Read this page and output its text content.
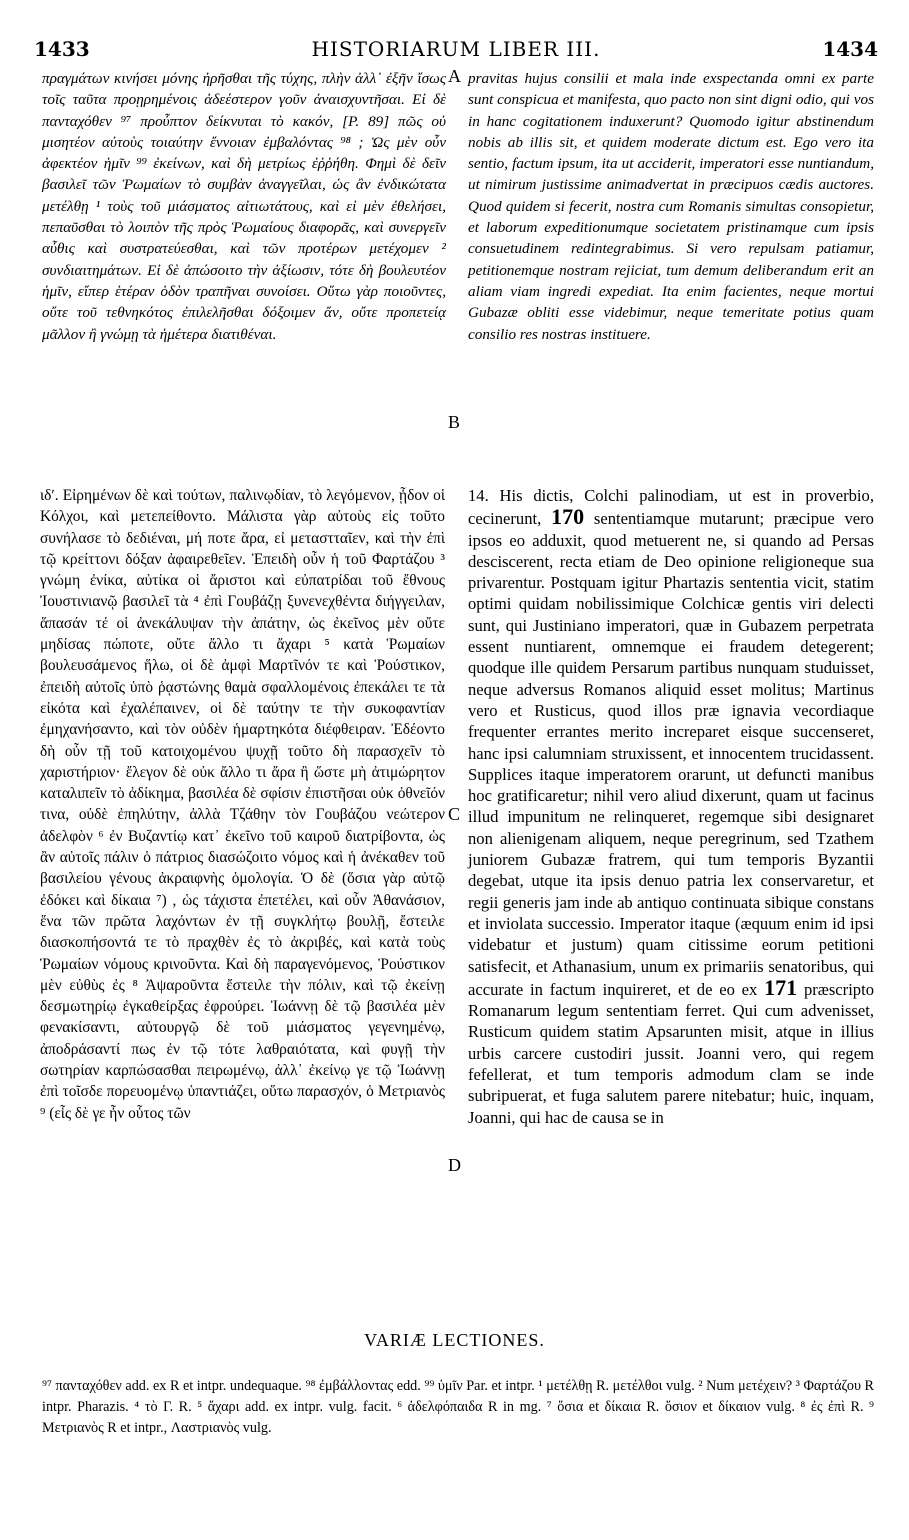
1433	HISTORIARUM LIBER III.	1434

πραγμάτων κινήσει μόνης ἠρῆσθαι τῆς τύχης, πλὴν ἀλλ᾽ ἐξῆν ἴσως τοῖς ταῦτα προῃρημένοις ἀδεέστερον γοῦν ἀναισχυντῆσαι. Εἰ δὲ πανταχόθεν ⁹⁷ προὖπτον δείκνυται τὸ κακόν, [P. 89] πῶς οὐ μισητέον αὐτοὺς τοιαύτην ἔννοιαν ἐμβαλόντας ⁹⁸ ; Ὡς μὲν οὖν ἀφεκτέον ἡμῖν ⁹⁹ ἐκείνων, καὶ δὴ μετρίως ἐῤῥήθη. Φημὶ δὲ δεῖν βασιλεῖ τῶν Ῥωμαίων τὸ συμβὰν ἀναγγεῖλαι, ὡς ἂν ἐνδικώτατα μετέλθῃ ¹ τοὺς τοῦ μιάσματος αἰτιωτάτους, καὶ εἰ μὲν ἐθελήσει, πεπαῦσθαι τὸ λοιπὸν τῆς πρὸς Ῥωμαίους διαφορᾶς, καὶ συνεργεῖν αὖθις καὶ συστρατεύεσθαι, καὶ τῶν προτέρων μετέχομεν ² συνδιαιτημάτων. Εἰ δὲ ἀπώσοιτο τὴν ἀξίωσιν, τότε δὴ βουλευτέον ἡμῖν, εἴπερ ἑτέραν ὁδὸν τραπῆναι συνοίσει. Οὕτω γὰρ ποιοῦντες, οὔτε τοῦ τεθνηκότος ἐπιλελῆσθαι δόξοιμεν ἄν, οὔτε προπετείᾳ μᾶλλον ἢ γνώμῃ τὰ ἡμέτερα διατιθέναι.

pravitas hujus consilii et mala inde exspectanda omni ex parte sunt conspicua et manifesta, quo pacto non sint digni odio, qui vos in hanc cogitationem induxerunt? Quomodo igitur abstinendum nobis ab illis sit, et quidem moderate dictum est. Ego vero ita sentio, factum ipsum, ita ut acciderit, imperatori esse nuntiandum, ut nimirum justissime animadvertat in præcipuos cædis auctores. Quod quidem si fecerit, nostra cum Romanis simultas consopietur, et laborum expeditionumque societatem pristinamque cum ipsis consuetudinem redintegrabimus. Si vero repulsam patiamur, petitionemque nostram rejiciat, tum demum deliberandum erit an aliam viam ingredi expediat. Ita enim facientes, neque mortui Gubazæ obliti esse videbimur, neque temeritate potius quam consilio res nostras instituere.

A
B
C
D

ιδʹ. Εἰρημένων δὲ καὶ τούτων, παλινῳδίαν, τὸ λεγόμενον, ᾖδον οἱ Κόλχοι, καὶ μετεπείθοντο. Μάλιστα γὰρ αὐτοὺς εἰς τοῦτο συνήλασε τὸ δεδιέναι, μή ποτε ἄρα, εἰ μεταστταῖεν, καὶ τὴν ἐπὶ τῷ κρείττονι δόξαν ἀφαιρεθεῖεν. Ἐπειδὴ οὖν ἡ τοῦ Φαρτάζου ³ γνώμη ἐνίκα, αὐτίκα οἱ ἄριστοι καὶ εὐπατρίδαι τοῦ ἔθνους Ἰουστινιανῷ βασιλεῖ τὰ ⁴ ἐπὶ Γουβάζῃ ξυνενεχθέντα διήγγειλαν, ἅπασάν τέ οἱ ἀνεκάλυψαν τὴν ἀπάτην, ὡς ἐκεῖνος μὲν οὔτε μηδίσας πώποτε, οὔτε ἄλλο τι ἄχαρι ⁵ κατὰ Ῥωμαίων βουλευσάμενος ἥλω, οἱ δὲ ἀμφὶ Μαρτῖνόν τε καὶ Ῥούστικον, ἐπειδὴ αὐτοῖς ὑπὸ ῥᾳστώνης θαμὰ σφαλλομένοις ἐπεκάλει τε τὰ εἰκότα καὶ ἐχαλέπαινεν, οἱ δὲ ταύτην τε τὴν συκοφαντίαν ἐμηχανήσαντο, καὶ τὸν οὐδὲν ἡμαρτηκότα διέφθειραν. Ἐδέοντο δὴ οὖν τῇ τοῦ κατοιχομένου ψυχῇ τοῦτο δὴ παρασχεῖν τὸ χαριστήριον· ἔλεγον δὲ οὐκ ἄλλο τι ἄρα ἢ ὥστε μὴ ἀτιμώρητον καταλιπεῖν τὸ ἀδίκημα, βασιλέα δὲ σφίσιν ἐπιστῆσαι οὐκ ὀθνεῖόν τινα, οὐδὲ ἐπηλύτην, ἀλλὰ Τζάθην τὸν Γουβάζου νεώτερον ἀδελφὸν ⁶ ἐν Βυζαντίῳ κατ᾽ ἐκεῖνο τοῦ καιροῦ διατρίβοντα, ὡς ἂν αὐτοῖς πάλιν ὁ πάτριος διασώζοιτο νόμος καὶ ἡ ἀνέκαθεν τοῦ βασιλείου γένους ἀκραιφνὴς ὁμολογία. Ὁ δὲ (ὅσια γὰρ αὐτῷ ἐδόκει καὶ δίκαια ⁷) , ὡς τάχιστα ἐπετέλει, καὶ οὖν Ἀθανάσιον, ἕνα τῶν πρῶτα λαχόντων ἐν τῇ συγκλήτῳ βουλῇ, ἔστειλε διασκοπήσοντά τε τὸ πραχθὲν ἐς τὸ ἀκριβές, καὶ κατὰ τοὺς Ῥωμαίων νόμους κρινοῦντα. Καὶ δὴ παραγενόμενος, Ῥούστικον μὲν εὐθὺς ἐς ⁸ Ἀψαροῦντα ἔστειλε τὴν πόλιν, καὶ τῷ ἐκείνῃ δεσμωτηρίῳ ἐγκαθείρξας ἐφρούρει. Ἰωάννῃ δὲ τῷ βασιλέα μὲν φενακίσαντι, αὐτουργῷ δὲ τοῦ μιάσματος γεγενημένῳ, ἀποδράσαντί πως ἐν τῷ τότε λαθραιότατα, καὶ φυγῇ τὴν σωτηρίαν καρπώσασθαι πειρωμένῳ, ἀλλ᾽ ἐκείνῳ γε τῷ Ἰωάννῃ ἐπὶ τοῖσδε πορευομένῳ ὑπαντιάζει, οὕτω παρασχόν, ὁ Μετριανὸς ⁹ (εἷς δὲ γε ἦν οὗτος τῶν

14. His dictis, Colchi palinodiam, ut est in proverbio, cecinerunt, 170 sententiamque mutarunt; præcipue vero ipsos eo adduxit, quod metuerent ne, si quando ad Persas desciscerent, recta etiam de Deo opinione religioneque sua privarentur. Postquam igitur Phartazis sententia vicit, statim optimi quidam nobilissimique Colchicæ gentis viri delecti sunt, qui Justiniano imperatori, quæ in Gubazem perpetrata essent nuntiarent, omnemque ei fraudem detegerent; quodque ille quidem Persarum partibus nunquam studuisset, neque adversus Romanos aliquid esset molitus; Martinus vero et Rusticus, quod illos præ ignavia vecordiaque frequenter errantes merito increparet eisque succenseret, hanc ipsi calumniam struxissent, et innocentem trucidassent. Supplices itaque imperatorem orarunt, ut defuncti manibus hoc gratificaretur; nihil vero aliud dixerunt, quam ut facinus illud impunitum ne relinqueret, regemque sibi designaret non alienigenam aliquem, neque peregrinum, sed Tzathem juniorem Gubazæ fratrem, qui tum temporis Byzantii degebat, utque ita ipsis denuo patria lex conservaretur, et regii generis jam inde ab antiquo continuata sibique constans et inviolata successio. Imperator itaque (æquum enim id ipsi videbatur et justum) quam citissime eorum petitioni satisfecit, et Athanasium, unum ex primariis senatoribus, qui accurate in factum inquireret, et de eo ex 171 præscripto Romanarum legum sententiam ferret. Qui cum advenisset, Rusticum quidem statim Apsarunten misit, atque in illius urbis carcere custodiri jussit. Joanni vero, qui regem fefellerat, et tum temporis admodum clam se inde subripuerat, et fuga salutem parere nitebatur; huic, inquam, Joanni, qui hac de causa se in

VARIÆ LECTIONES.
⁹⁷ πανταχόθεν add. ex R et intpr. undequaque. ⁹⁸ ἐμβάλλοντας edd. ⁹⁹ ὑμῖν Par. et intpr. ¹ μετέλθῃ R. μετέλθοι vulg. ² Num μετέχειν? ³ Φαρτάζου R intpr. Pharazis. ⁴ τὸ Γ. R. ⁵ ἄχαρι add. ex intpr. vulg. facit. ⁶ ἀδελφόπαιδα R in mg. ⁷ ὅσια et δίκαια R. ὅσιον et δίκαιον vulg. ⁸ ἐς ἐπὶ R. ⁹ Μετριανὸς R et intpr., Λαστριανὸς vulg.
